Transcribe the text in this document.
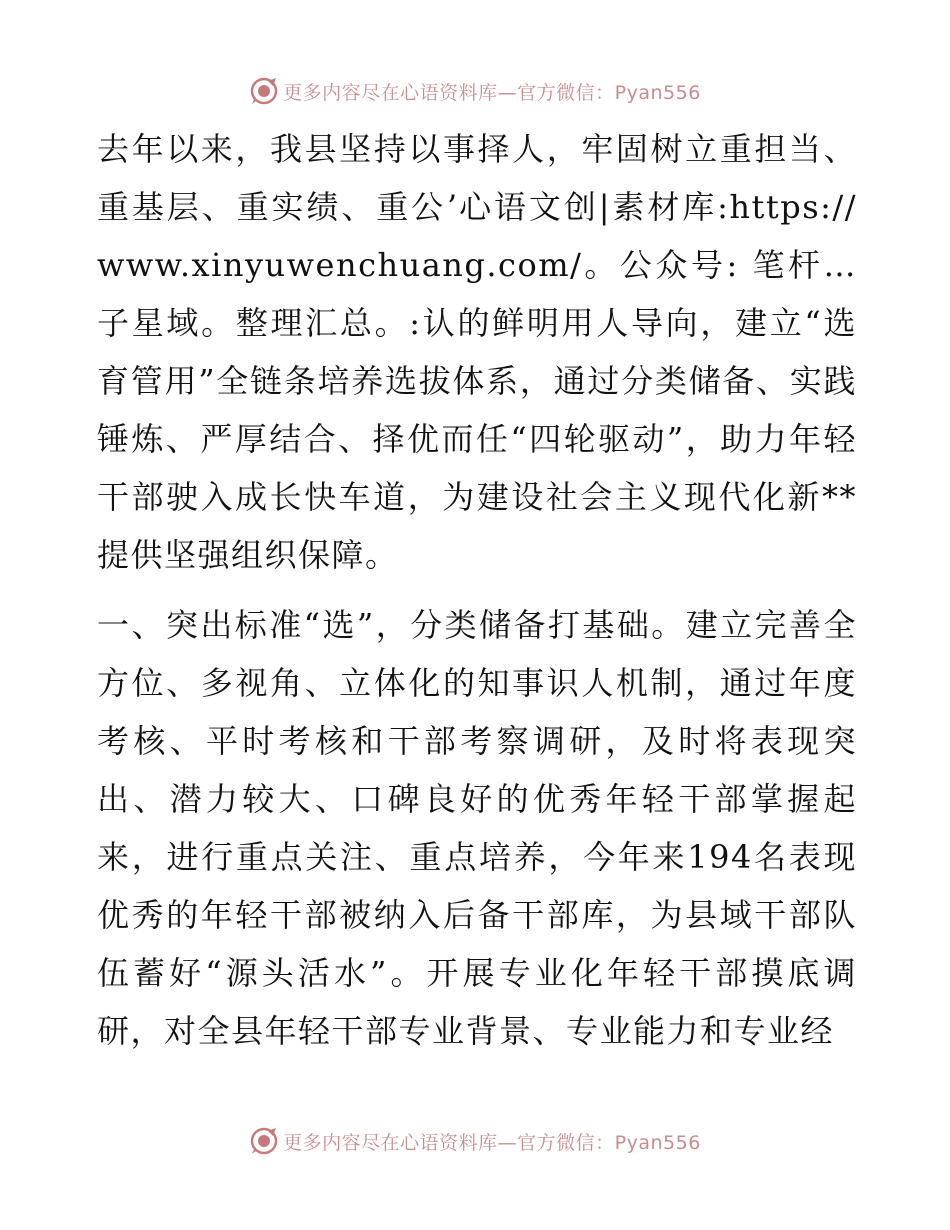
更多内容尽在心语资料库—官方微信：Pyan556

去年以来，我县坚持以事择人，牢固树立重担当、重基层、重实绩、重公ʼ心语文创|素材库:https://www.xinyuwenchuang.com/。公众号: 笔杆…子星域。整理汇总。:认的鲜明用人导向，建立“选育管用”全链条培养选拔体系，通过分类储备、实践锤炼、严厚结合、择优而任“四轮驱动”，助力年轻干部驶入成长快车道，为建设社会主义现代化新**提供坚强组织保障。

一、突出标准“选”，分类储备打基础。建立完善全方位、多视角、立体化的知事识人机制，通过年度考核、平时考核和干部考察调研，及时将表现突出、潜力较大、口碑良好的优秀年轻干部掌握起来，进行重点关注、重点培养，今年来194名表现优秀的年轻干部被纳入后备干部库，为县域干部队伍蓄好“源头活水”。开展专业化年轻干部摸底调研，对全县年轻干部专业背景、专业能力和专业经

更多内容尽在心语资料库—官方微信：Pyan556
